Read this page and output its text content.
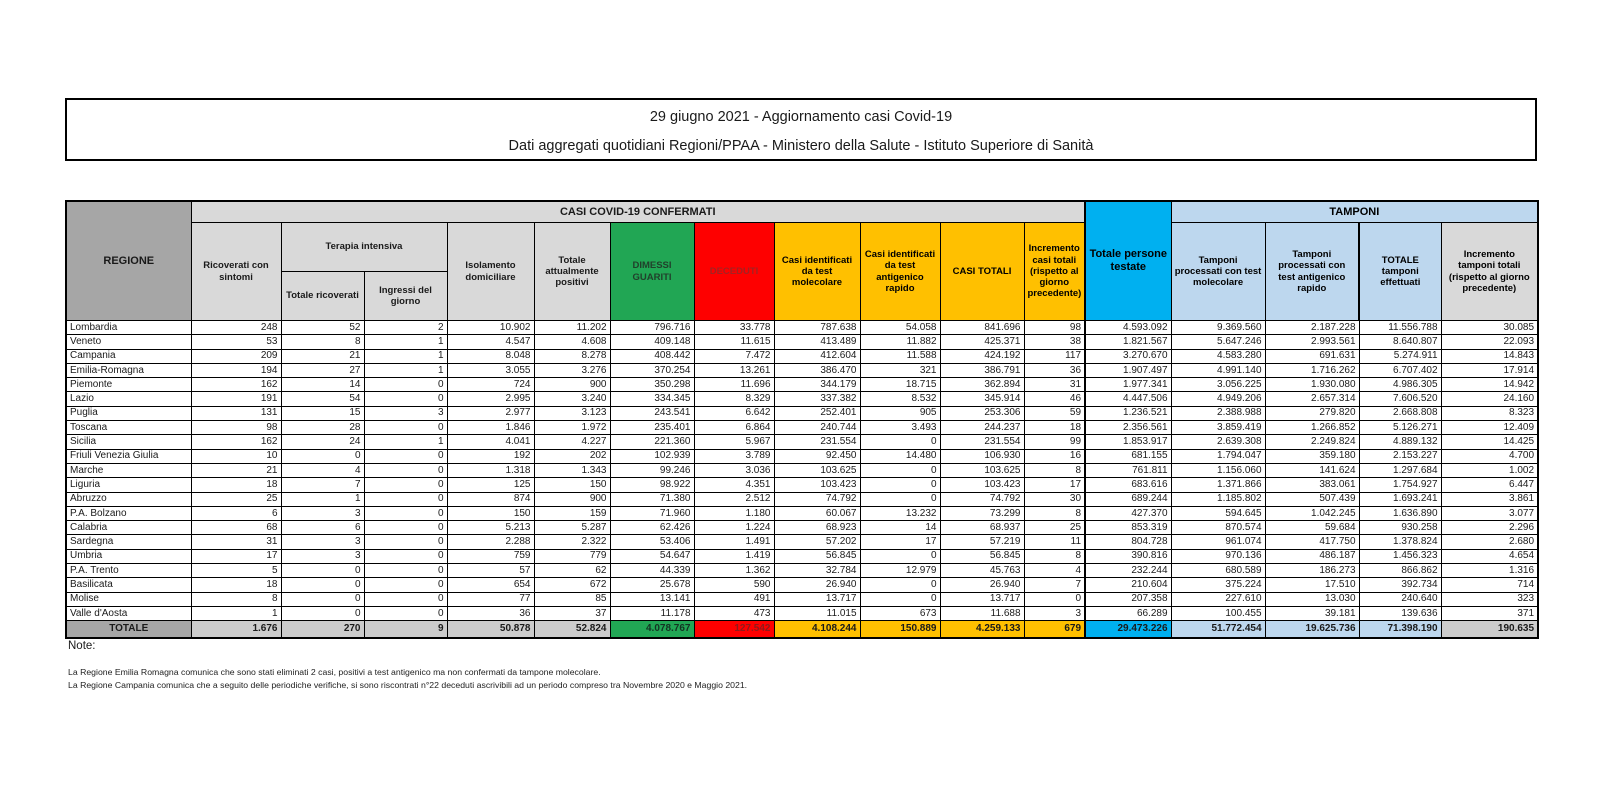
29 giugno 2021 - Aggiornamento casi Covid-19
Dati aggregati quotidiani Regioni/PPAA - Ministero della Salute - Istituto Superiore di Sanità
REGIONE	CASI COVID-19 CONFERMATI											Totale persone testate	TAMPONI			
	Ricoverati con sintomi	Terapia intensiva		Isolamento domiciliare	Totale attualmente positivi	DIMESSI GUARITI	DECEDUTI	Casi identificati da test molecolare	Casi identificati da test antigenico rapido	CASI TOTALI	Incremento casi totali (rispetto al giorno precedente)		Tamponi processati con test molecolare	Tamponi processati con test antigenico rapido	TOTALE tamponi effettuati	Incremento tamponi totali (rispetto al giorno precedente)
		Totale ricoverati	Ingressi del giorno													
Lombardia	248	52	2	10.902	11.202	796.716	33.778	787.638	54.058	841.696	98	4.593.092	9.369.560	2.187.228	11.556.788	30.085
Veneto	53	8	1	4.547	4.608	409.148	11.615	413.489	11.882	425.371	38	1.821.567	5.647.246	2.993.561	8.640.807	22.093
Campania	209	21	1	8.048	8.278	408.442	7.472	412.604	11.588	424.192	117	3.270.670	4.583.280	691.631	5.274.911	14.843
Emilia-Romagna	194	27	1	3.055	3.276	370.254	13.261	386.470	321	386.791	36	1.907.497	4.991.140	1.716.262	6.707.402	17.914
Piemonte	162	14	0	724	900	350.298	11.696	344.179	18.715	362.894	31	1.977.341	3.056.225	1.930.080	4.986.305	14.942
Lazio	191	54	0	2.995	3.240	334.345	8.329	337.382	8.532	345.914	46	4.447.506	4.949.206	2.657.314	7.606.520	24.160
Puglia	131	15	3	2.977	3.123	243.541	6.642	252.401	905	253.306	59	1.236.521	2.388.988	279.820	2.668.808	8.323
Toscana	98	28	0	1.846	1.972	235.401	6.864	240.744	3.493	244.237	18	2.356.561	3.859.419	1.266.852	5.126.271	12.409
Sicilia	162	24	1	4.041	4.227	221.360	5.967	231.554	0	231.554	99	1.853.917	2.639.308	2.249.824	4.889.132	14.425
Friuli Venezia Giulia	10	0	0	192	202	102.939	3.789	92.450	14.480	106.930	16	681.155	1.794.047	359.180	2.153.227	4.700
Marche	21	4	0	1.318	1.343	99.246	3.036	103.625	0	103.625	8	761.811	1.156.060	141.624	1.297.684	1.002
Liguria	18	7	0	125	150	98.922	4.351	103.423	0	103.423	17	683.616	1.371.866	383.061	1.754.927	6.447
Abruzzo	25	1	0	874	900	71.380	2.512	74.792	0	74.792	30	689.244	1.185.802	507.439	1.693.241	3.861
P.A. Bolzano	6	3	0	150	159	71.960	1.180	60.067	13.232	73.299	8	427.370	594.645	1.042.245	1.636.890	3.077
Calabria	68	6	0	5.213	5.287	62.426	1.224	68.923	14	68.937	25	853.319	870.574	59.684	930.258	2.296
Sardegna	31	3	0	2.288	2.322	53.406	1.491	57.202	17	57.219	11	804.728	961.074	417.750	1.378.824	2.680
Umbria	17	3	0	759	779	54.647	1.419	56.845	0	56.845	8	390.816	970.136	486.187	1.456.323	4.654
P.A. Trento	5	0	0	57	62	44.339	1.362	32.784	12.979	45.763	4	232.244	680.589	186.273	866.862	1.316
Basilicata	18	0	0	654	672	25.678	590	26.940	0	26.940	7	210.604	375.224	17.510	392.734	714
Molise	8	0	0	77	85	13.141	491	13.717	0	13.717	0	207.358	227.610	13.030	240.640	323
Valle d'Aosta	1	0	0	36	37	11.178	473	11.015	673	11.688	3	66.289	100.455	39.181	139.636	371
TOTALE	1.676	270	9	50.878	52.824	4.078.767	127.542	4.108.244	150.889	4.259.133	679	29.473.226	51.772.454	19.625.736	71.398.190	190.635
Note:
La Regione Emilia Romagna comunica che sono stati eliminati 2 casi, positivi a test antigenico ma non confermati da tampone molecolare.
La Regione Campania comunica che a seguito delle periodiche verifiche, si sono riscontrati n°22 deceduti ascrivibili ad un periodo compreso tra Novembre 2020 e Maggio 2021.
